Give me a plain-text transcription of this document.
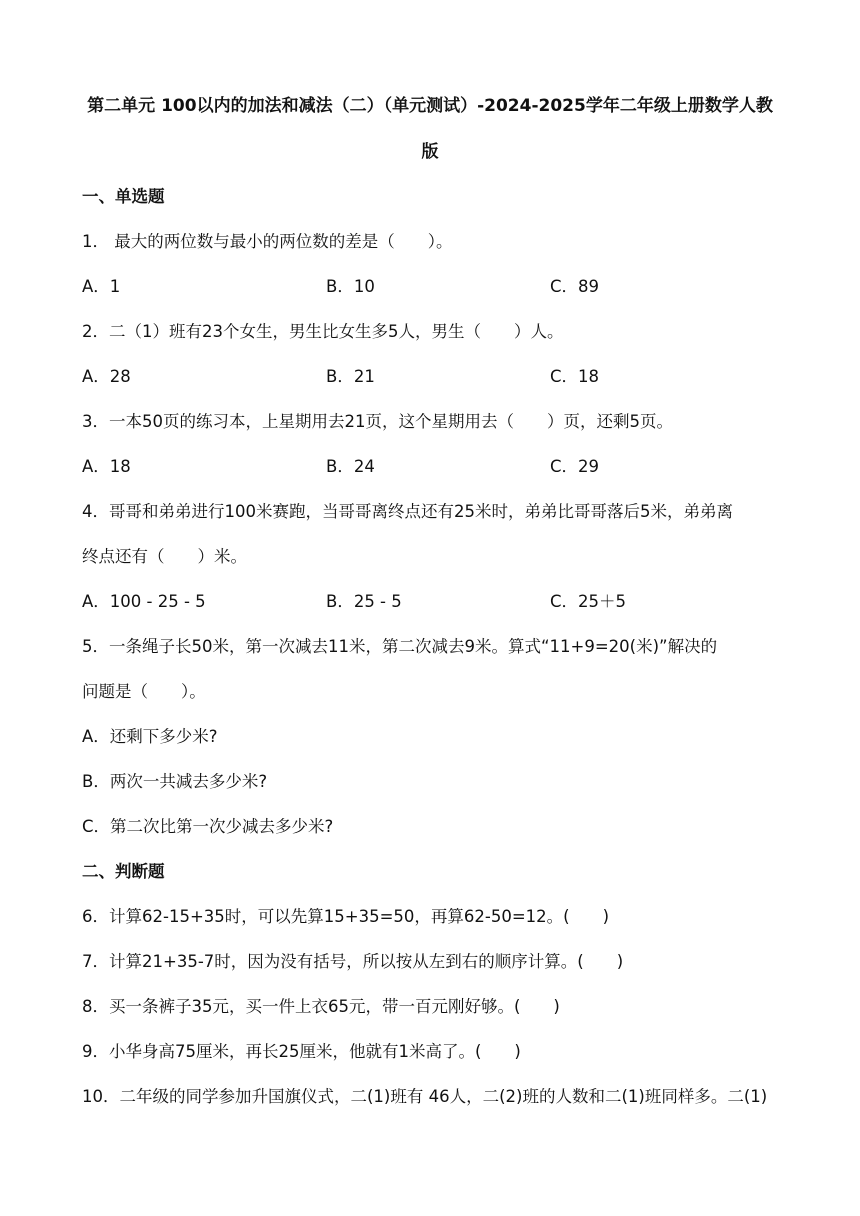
第二单元 100以内的加法和减法（二）（单元测试）-2024-2025学年二年级上册数学人教
版
一、单选题
1． 最大的两位数与最小的两位数的差是（　　）。
A．1	B．10	C．89
2．二（1）班有23个女生，男生比女生多5人，男生（　　）人。
A．28	B．21	C．18
3．一本50页的练习本，上星期用去21页，这个星期用去（　　）页，还剩5页。
A．18	B．24	C．29
4．哥哥和弟弟进行100米赛跑，当哥哥离终点还有25米时，弟弟比哥哥落后5米，弟弟离
终点还有（　　）米。
A．100 - 25 - 5	B．25 - 5	C．25＋5
5．一条绳子长50米，第一次减去11米，第二次减去9米。算式“11+9=20(米)”解决的
问题是（　　）。
A．还剩下多少米?
B．两次一共减去多少米?
C．第二次比第一次少减去多少米?
二、判断题
6．计算62-15+35时，可以先算15+35=50，再算62-50=12。(　　)
7．计算21+35-7时，因为没有括号，所以按从左到右的顺序计算。(　　)
8．买一条裤子35元，买一件上衣65元，带一百元刚好够。(　　)
9．小华身高75厘米，再长25厘米，他就有1米高了。(　　)
10．二年级的同学参加升国旗仪式，二(1)班有 46人，二(2)班的人数和二(1)班同样多。二(1)
